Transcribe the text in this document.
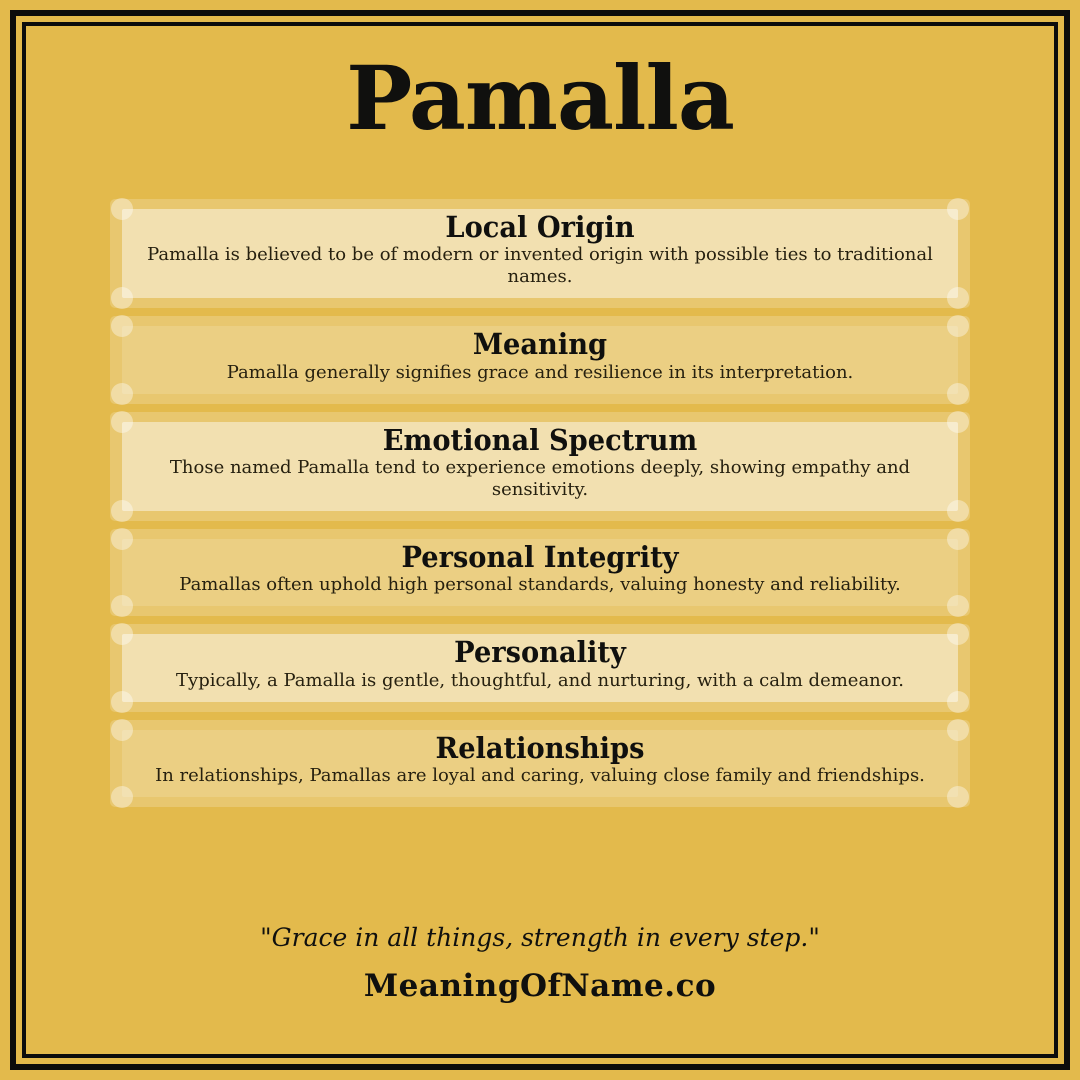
Pamalla
Local Origin

Pamalla is believed to be of modern or invented origin with possible ties to traditional names.

Meaning

Pamalla generally signifies grace and resilience in its interpretation.

Emotional Spectrum

Those named Pamalla tend to experience emotions deeply, showing empathy and sensitivity.

Personal Integrity

Pamallas often uphold high personal standards, valuing honesty and reliability.

Personality

Typically, a Pamalla is gentle, thoughtful, and nurturing, with a calm demeanor.

Relationships

In relationships, Pamallas are loyal and caring, valuing close family and friendships.

"Grace in all things, strength in every step."

MeaningOfName.co
